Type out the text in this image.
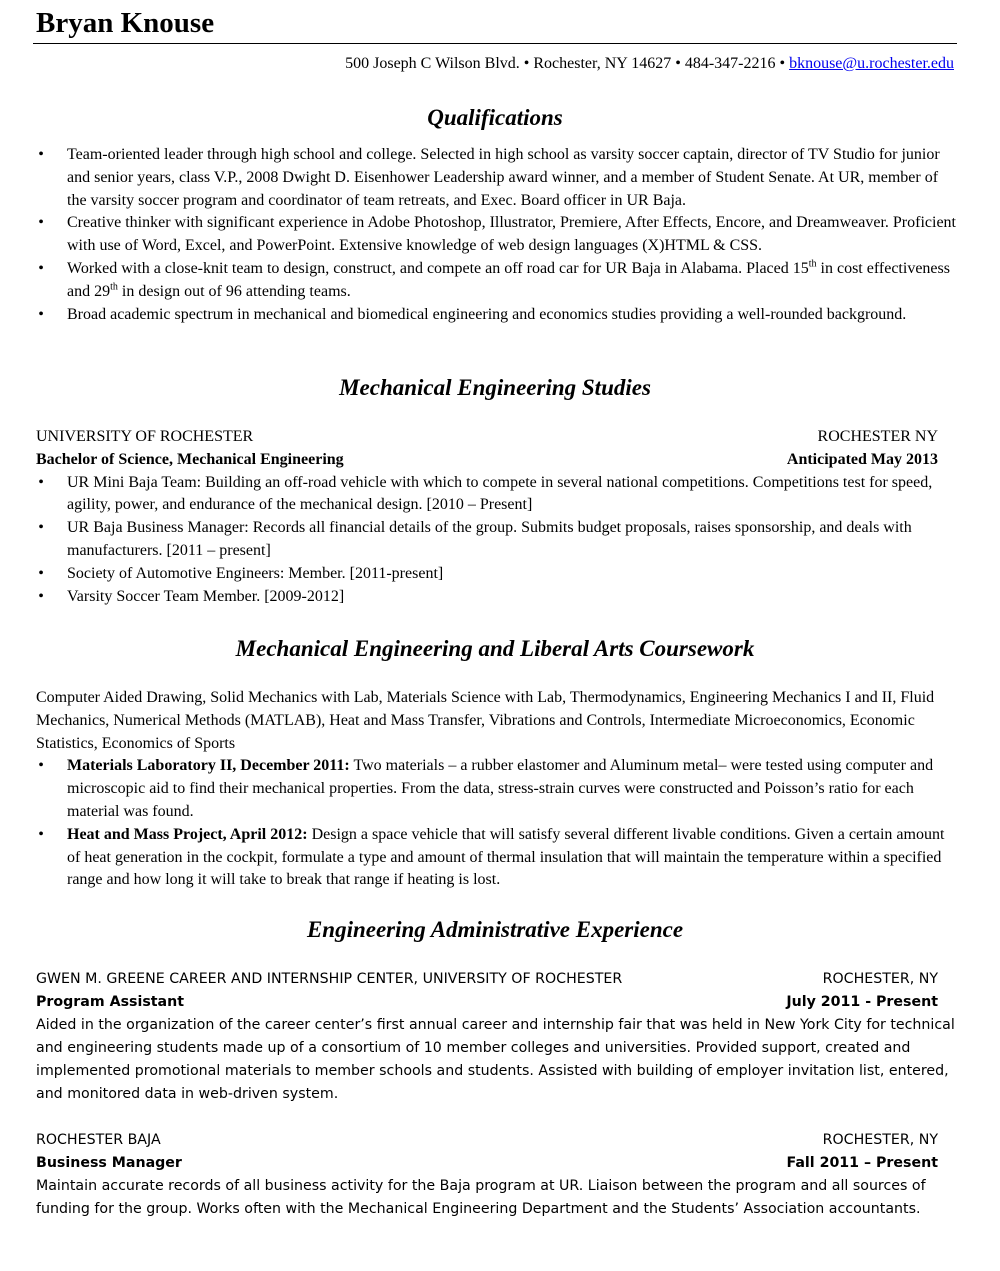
Bryan Knouse
500 Joseph C Wilson Blvd. • Rochester, NY 14627 • 484-347-2216 • bknouse@u.rochester.edu
Qualifications
• Team-oriented leader through high school and college. Selected in high school as varsity soccer captain, director of TV Studio for junior and senior years, class V.P., 2008 Dwight D. Eisenhower Leadership award winner, and a member of Student Senate. At UR, member of the varsity soccer program and coordinator of team retreats, and Exec. Board officer in UR Baja.
• Creative thinker with significant experience in Adobe Photoshop, Illustrator, Premiere, After Effects, Encore, and Dreamweaver. Proficient with use of Word, Excel, and PowerPoint. Extensive knowledge of web design languages (X)HTML & CSS.
• Worked with a close-knit team to design, construct, and compete an off road car for UR Baja in Alabama. Placed 15th in cost effectiveness and 29th in design out of 96 attending teams.
• Broad academic spectrum in mechanical and biomedical engineering and economics studies providing a well-rounded background.
Mechanical Engineering Studies
UNIVERSITY OF ROCHESTER	ROCHESTER NY
Bachelor of Science, Mechanical Engineering	Anticipated May 2013
• UR Mini Baja Team: Building an off-road vehicle with which to compete in several national competitions. Competitions test for speed, agility, power, and endurance of the mechanical design. [2010 – Present]
• UR Baja Business Manager: Records all financial details of the group. Submits budget proposals, raises sponsorship, and deals with manufacturers. [2011 – present]
• Society of Automotive Engineers: Member. [2011-present]
• Varsity Soccer Team Member. [2009-2012]
Mechanical Engineering and Liberal Arts Coursework
Computer Aided Drawing, Solid Mechanics with Lab, Materials Science with Lab, Thermodynamics, Engineering Mechanics I and II, Fluid Mechanics, Numerical Methods (MATLAB), Heat and Mass Transfer, Vibrations and Controls, Intermediate Microeconomics, Economic Statistics, Economics of Sports
• Materials Laboratory II, December 2011: Two materials – a rubber elastomer and Aluminum metal– were tested using computer and microscopic aid to find their mechanical properties. From the data, stress-strain curves were constructed and Poisson’s ratio for each material was found.
• Heat and Mass Project, April 2012: Design a space vehicle that will satisfy several different livable conditions. Given a certain amount of heat generation in the cockpit, formulate a type and amount of thermal insulation that will maintain the temperature within a specified range and how long it will take to break that range if heating is lost.
Engineering Administrative Experience
GWEN M. GREENE CAREER AND INTERNSHIP CENTER, UNIVERSITY OF ROCHESTER	ROCHESTER, NY
Program Assistant	July 2011 - Present
Aided in the organization of the career center’s first annual career and internship fair that was held in New York City for technical and engineering students made up of a consortium of 10 member colleges and universities. Provided support, created and implemented promotional materials to member schools and students. Assisted with building of employer invitation list, entered, and monitored data in web-driven system.
ROCHESTER BAJA	ROCHESTER, NY
Business Manager	Fall 2011 – Present
Maintain accurate records of all business activity for the Baja program at UR. Liaison between the program and all sources of funding for the group. Works often with the Mechanical Engineering Department and the Students’ Association accountants.
